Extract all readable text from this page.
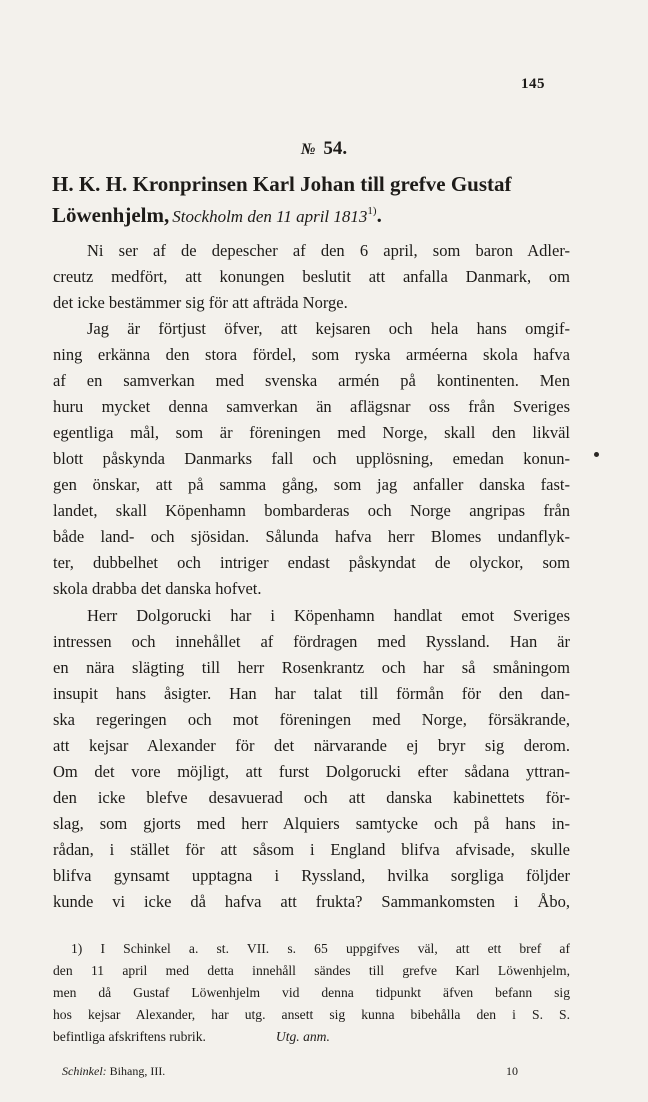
145
№ 54.
H. K. H. Kronprinsen Karl Johan till grefve Gustaf
Löwenhjelm, Stockholm den 11 april 1813$^{1)}$.
Ni ser af de depescher af den 6 april, som baron Adler-
creutz medfört, att konungen beslutit att anfalla Danmark, om
det icke bestämmer sig för att afträda Norge.
Jag är förtjust öfver, att kejsaren och hela hans omgif-
ning erkänna den stora fördel, som ryska arméerna skola hafva
af en samverkan med svenska armén på kontinenten. Men
huru mycket denna samverkan än aflägsnar oss från Sveriges
egentliga mål, som är föreningen med Norge, skall den likväl
blott påskynda Danmarks fall och upplösning, emedan konun-
gen önskar, att på samma gång, som jag anfaller danska fast-
landet, skall Köpenhamn bombarderas och Norge angripas från
både land- och sjösidan. Sålunda hafva herr Blomes undanflyk-
ter, dubbelhet och intriger endast påskyndat de olyckor, som
skola drabba det danska hofvet.
Herr Dolgorucki har i Köpenhamn handlat emot Sveriges
intressen och innehållet af fördragen med Ryssland. Han är
en nära slägting till herr Rosenkrantz och har så småningom
insupit hans åsigter. Han har talat till förmån för den dan-
ska regeringen och mot föreningen med Norge, försäkrande,
att kejsar Alexander för det närvarande ej bryr sig derom.
Om det vore möjligt, att furst Dolgorucki efter sådana yttran-
den icke blefve desavuerad och att danska kabinettets för-
slag, som gjorts med herr Alquiers samtycke och på hans in-
rådan, i stället för att såsom i England blifva afvisade, skulle
blifva gynsamt upptagna i Ryssland, hvilka sorgliga följder
kunde vi icke då hafva att frukta? Sammankomsten i Åbo,
1) I Schinkel a. st. VII. s. 65 uppgifves väl, att ett bref af
den 11 april med detta innehåll sändes till grefve Karl Löwenhjelm,
men då Gustaf Löwenhjelm vid denna tidpunkt äfven befann sig
hos kejsar Alexander, har utg. ansett sig kunna bibehålla den i S. S.
befintliga afskriftens rubrik.	Utg. anm.
Schinkel: Bihang, III.	10
